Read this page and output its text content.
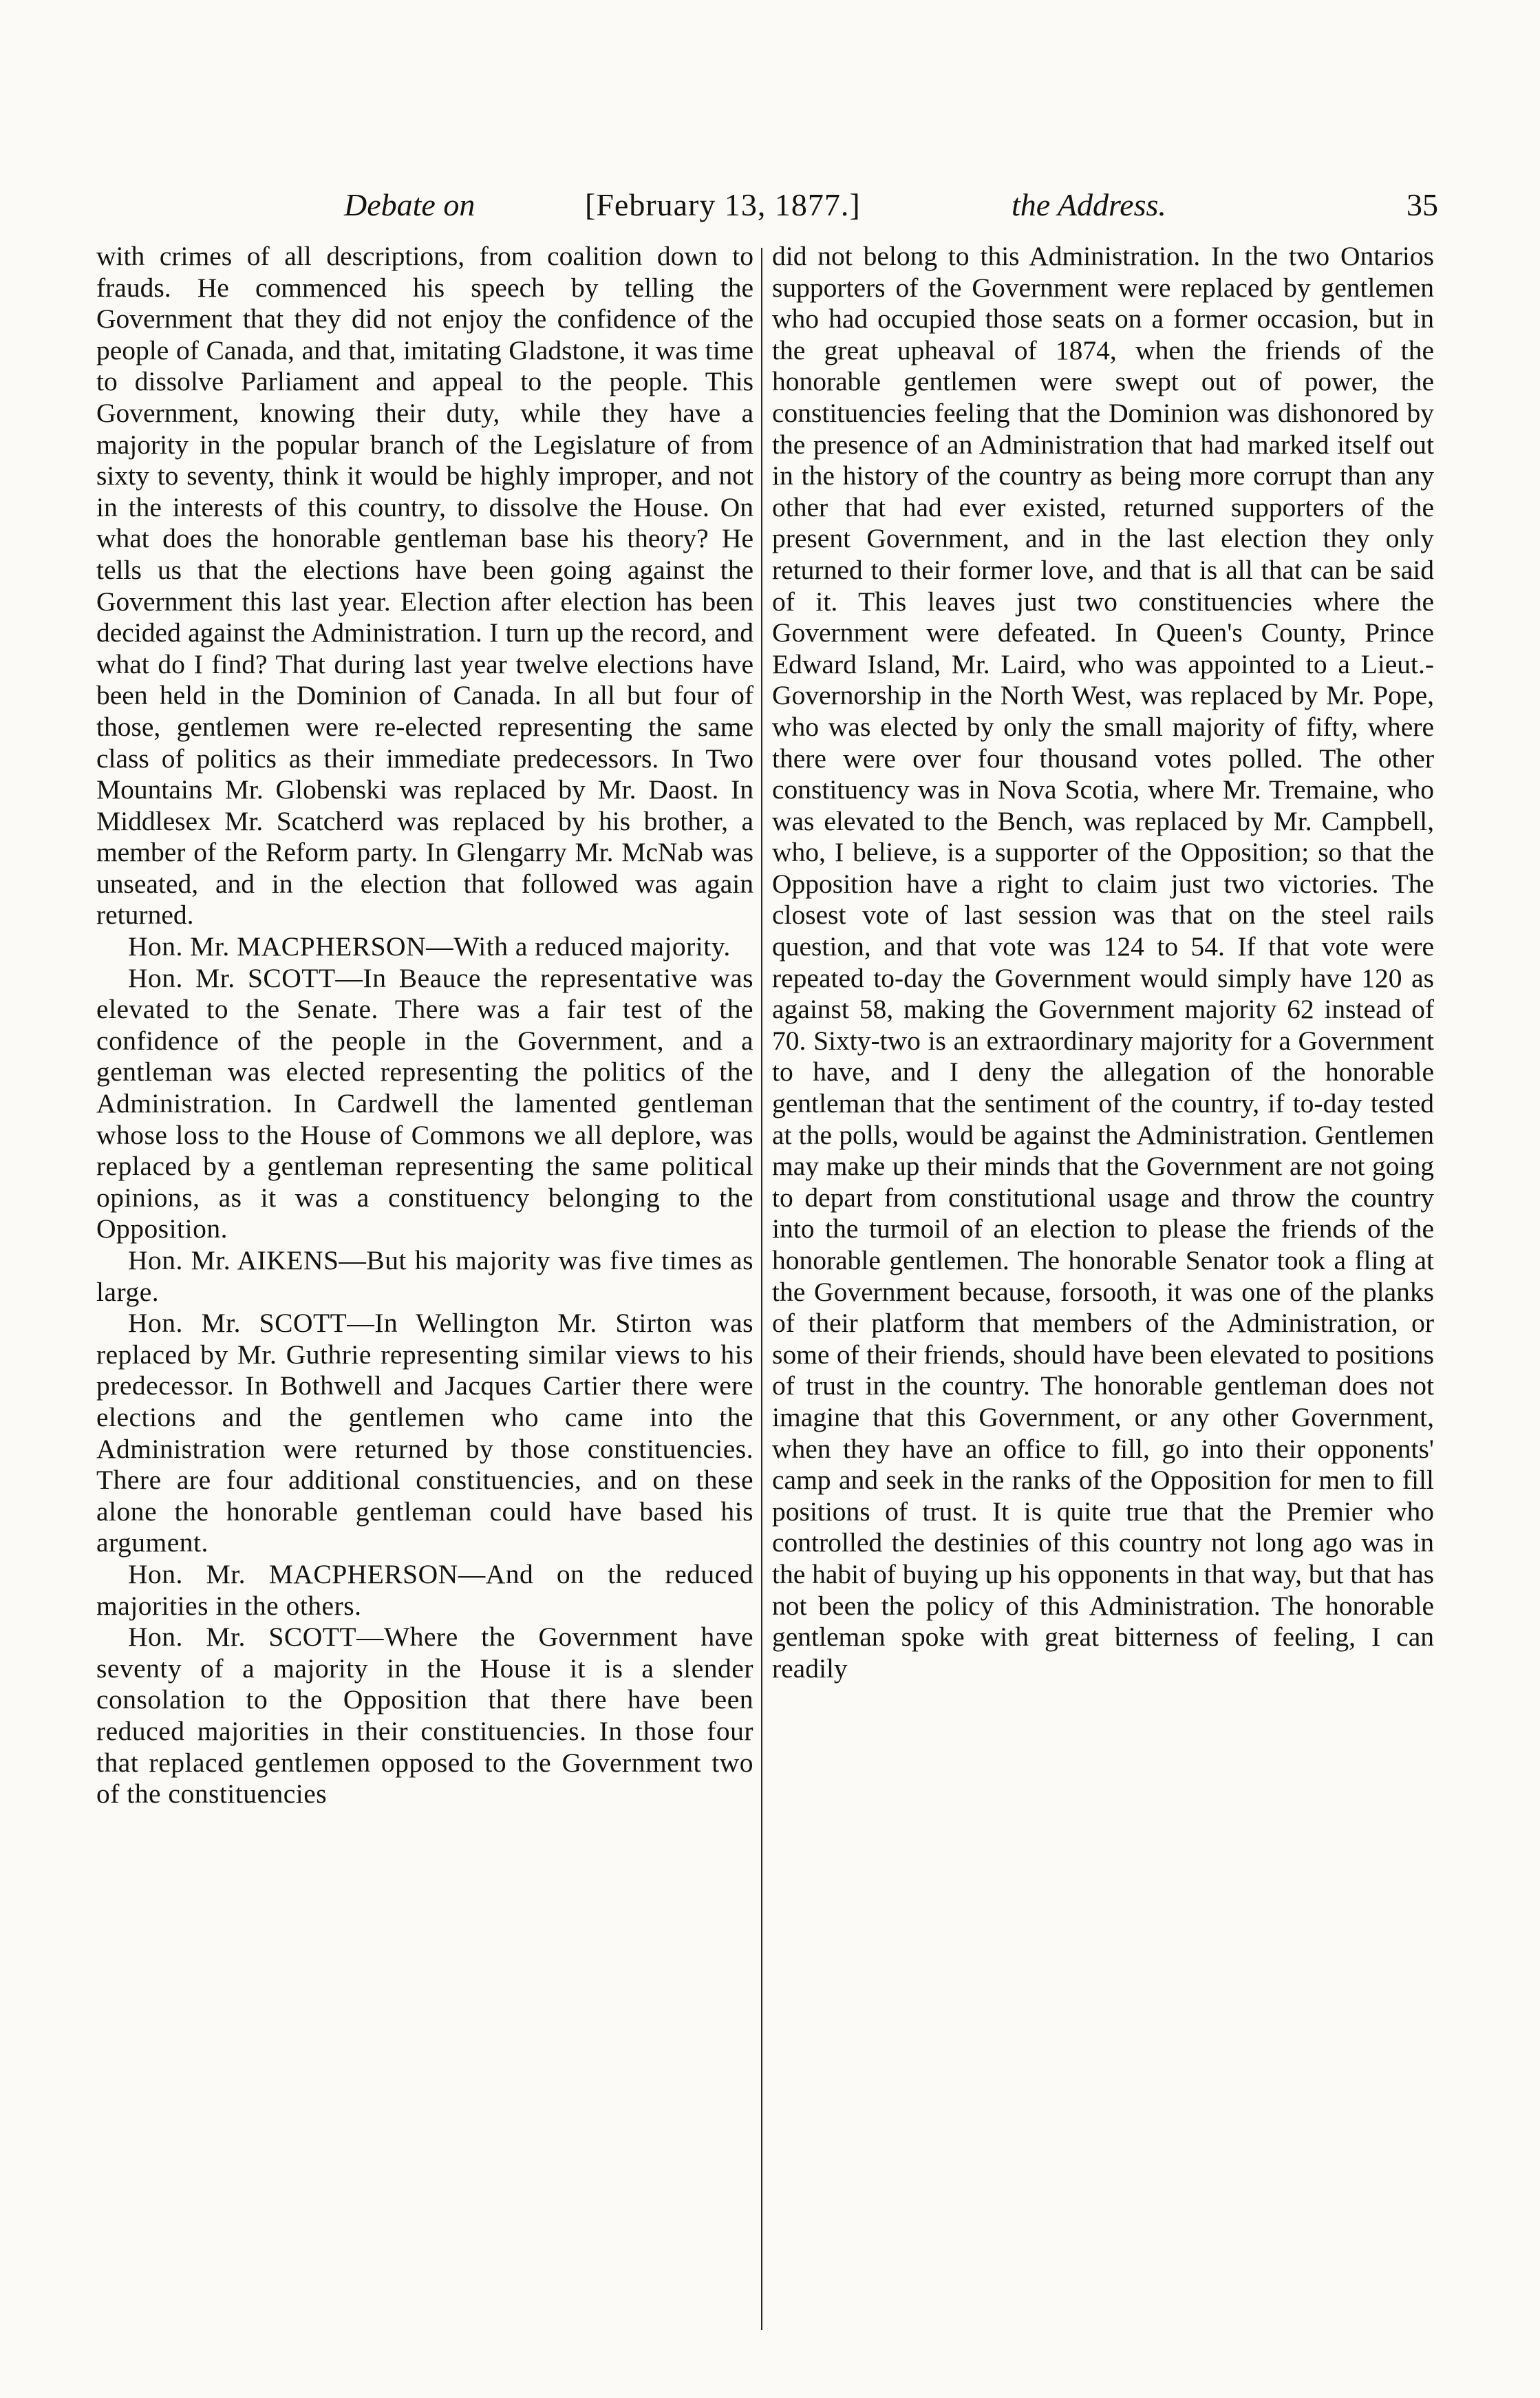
Debate on	[February 13, 1877.]	the Address.	35

with crimes of all descriptions, from coalition down to frauds. He commenced his speech by telling the Government that they did not enjoy the confidence of the people of Canada, and that, imitating Gladstone, it was time to dissolve Parliament and appeal to the people. This Government, knowing their duty, while they have a majority in the popular branch of the Legislature of from sixty to seventy, think it would be highly improper, and not in the interests of this country, to dissolve the House. On what does the honorable gentleman base his theory? He tells us that the elections have been going against the Government this last year. Election after election has been decided against the Administration. I turn up the record, and what do I find? That during last year twelve elections have been held in the Dominion of Canada. In all but four of those, gentlemen were re-elected representing the same class of politics as their immediate predecessors. In Two Mountains Mr. Globenski was replaced by Mr. Daost. In Middlesex Mr. Scatcherd was replaced by his brother, a member of the Reform party. In Glengarry Mr. McNab was unseated, and in the election that followed was again returned.

Hon. Mr. MACPHERSON—With a reduced majority.

Hon. Mr. SCOTT—In Beauce the representative was elevated to the Senate. There was a fair test of the confidence of the people in the Government, and a gentleman was elected representing the politics of the Administration. In Cardwell the lamented gentleman whose loss to the House of Commons we all deplore, was replaced by a gentleman representing the same political opinions, as it was a constituency belonging to the Opposition.

Hon. Mr. AIKENS—But his majority was five times as large.

Hon. Mr. SCOTT—In Wellington Mr. Stirton was replaced by Mr. Guthrie representing similar views to his predecessor. In Bothwell and Jacques Cartier there were elections and the gentlemen who came into the Administration were returned by those constituencies. There are four additional constituencies, and on these alone the honorable gentleman could have based his argument.

Hon. Mr. MACPHERSON—And on the reduced majorities in the others.

Hon. Mr. SCOTT—Where the Government have seventy of a majority in the House it is a slender consolation to the Opposition that there have been reduced majorities in their constituencies. In those four that replaced gentlemen opposed to the Government two of the constituencies

did not belong to this Administration. In the two Ontarios supporters of the Government were replaced by gentlemen who had occupied those seats on a former occasion, but in the great upheaval of 1874, when the friends of the honorable gentlemen were swept out of power, the constituencies feeling that the Dominion was dishonored by the presence of an Administration that had marked itself out in the history of the country as being more corrupt than any other that had ever existed, returned supporters of the present Government, and in the last election they only returned to their former love, and that is all that can be said of it. This leaves just two constituencies where the Government were defeated. In Queen's County, Prince Edward Island, Mr. Laird, who was appointed to a Lieut.-Governorship in the North West, was replaced by Mr. Pope, who was elected by only the small majority of fifty, where there were over four thousand votes polled. The other constituency was in Nova Scotia, where Mr. Tremaine, who was elevated to the Bench, was replaced by Mr. Campbell, who, I believe, is a supporter of the Opposition; so that the Opposition have a right to claim just two victories. The closest vote of last session was that on the steel rails question, and that vote was 124 to 54. If that vote were repeated to-day the Government would simply have 120 as against 58, making the Government majority 62 instead of 70. Sixty-two is an extraordinary majority for a Government to have, and I deny the allegation of the honorable gentleman that the sentiment of the country, if to-day tested at the polls, would be against the Administration. Gentlemen may make up their minds that the Government are not going to depart from constitutional usage and throw the country into the turmoil of an election to please the friends of the honorable gentlemen. The honorable Senator took a fling at the Government because, forsooth, it was one of the planks of their platform that members of the Administration, or some of their friends, should have been elevated to positions of trust in the country. The honorable gentleman does not imagine that this Government, or any other Government, when they have an office to fill, go into their opponents' camp and seek in the ranks of the Opposition for men to fill positions of trust. It is quite true that the Premier who controlled the destinies of this country not long ago was in the habit of buying up his opponents in that way, but that has not been the policy of this Administration. The honorable gentleman spoke with great bitterness of feeling, I can readily
